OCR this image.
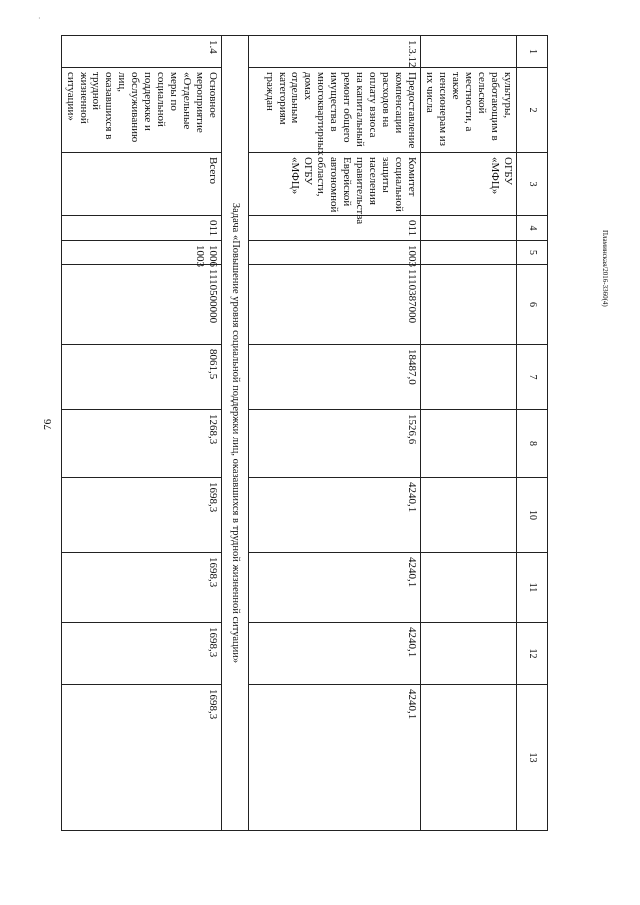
·
76
Пламинская/2016-3360(4)
1	2	3	4	5	6	7	8	10	11	12	13
	культуры, работающим в сельской местности, а также пенсионерам из их числа	ОГБУ «МФЦ»									
1.3.12	Предоставление компенсации расходов на оплату взноса на капитальный ремонт общего имущества в многоквартирных домах отдельным категориям граждан	Комитет социальной защиты населения правительства Еврейской автономной области, ОГБУ «МФЦ»	011	1003	1110387000	18487,0	1526,6	4240,1	4240,1	4240,1	4240,1
Задача «Повышение уровня социальной поддержки лиц, оказавшихся в трудной жизненной ситуации»											
1.4	Основное мероприятие «Отдельные меры по социальной поддержке и обслуживанию лиц, оказавшихся в трудной жизненной ситуации»	Всего	011	1006 1003	1110500000	8061,5	1268,3	1698,3	1698,3	1698,3	1698,3
